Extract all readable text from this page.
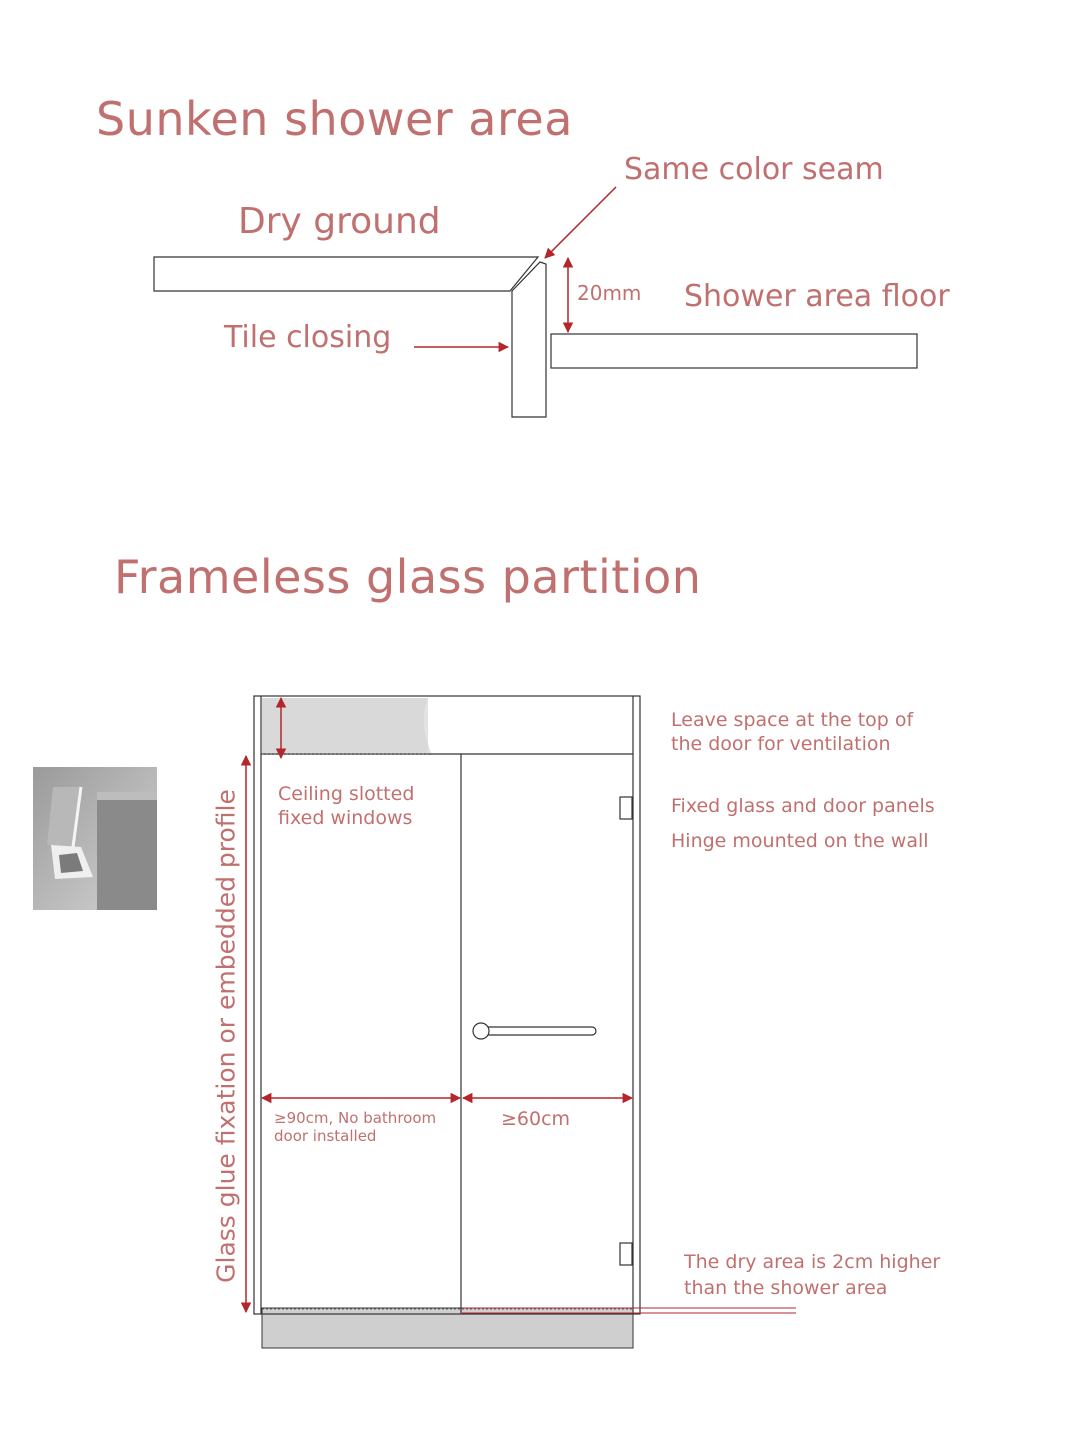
Sunken shower area
Dry ground
Same color seam
20mm Shower area floor
Tile closing
Frameless glass partition
Glass glue fixation or embedded profile Ceiling slotted
fixed windows
Leave space at the top of
the door for ventilation
Fixed glass and door panels
Hinge mounted on the wall
≥90cm, No bathroom
door installed
≥60cm
The dry area is 2cm higher
than the shower area
